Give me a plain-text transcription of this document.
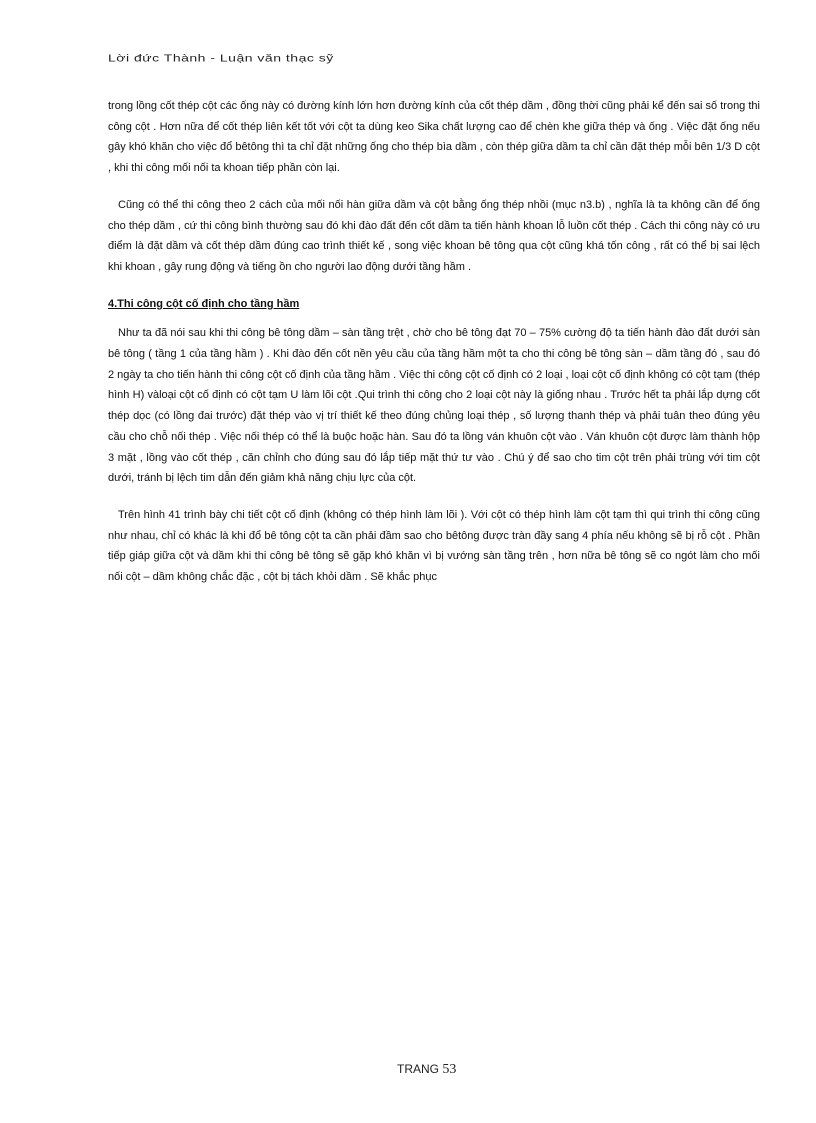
Lời đức Thành - Luận văn thạc sỹ

trong lồng cốt thép cột các ống này có đường kính lớn hơn đường kính của cốt thép dầm , đồng thời cũng phải kể đến sai số trong thi công cột . Hơn nữa để cốt thép liên kết tốt với cột ta dùng keo Sika chất lượng cao để chèn khe giữa thép và ống . Việc đặt ống nếu gây khó khăn cho việc đổ bêtông thì ta chỉ đặt những ống cho thép bìa dầm , còn thép giữa dầm ta chỉ cần đặt thép mỗi bên 1/3 D cột , khi thi công mối nối ta khoan tiếp phần còn lại.

Cũng có thể thi công theo 2 cách của mối nối hàn giữa dầm và cột bằng ống thép nhồi (mục n3.b) , nghĩa là ta không cần để ống cho thép dầm , cứ thi công bình thường sau đó khi đào đất đến cốt dầm ta tiến hành khoan lỗ luồn cốt thép . Cách thi công này có ưu điểm là đặt dầm và cốt thép dầm đúng cao trình thiết kế , song việc khoan bê tông qua cột cũng khá tốn công , rất có thể bị sai lệch khi khoan , gây rung động và tiếng ồn cho người lao động dưới tầng hầm .

4.Thi công cột cố định cho tầng hầm

Như ta đã nói sau khi thi công bê tông dầm – sàn tầng trệt , chờ cho bê tông đạt 70 – 75% cường độ ta tiến hành đào đất dưới sàn bê tông ( tầng 1 của tầng hầm ) . Khi đào đến cốt nền yêu cầu của tầng hầm một ta cho thi công bê tông sàn – dầm tầng đó , sau đó 2 ngày ta cho tiến hành thi công cột cố định của tầng hầm . Việc thi công cột cố định có 2 loại , loại cột cố định không có cột tạm (thép hình H) vàloại cột cố định có cột tạm U làm lõi cột .Qui trình thi công cho 2 loại cột này là giống nhau . Trước hết ta phải lắp dựng cốt thép dọc (có lồng đai trước) đặt thép vào vị trí thiết kế theo đúng chủng loại thép , số lượng thanh thép và phải tuân theo đúng yêu cầu cho chỗ nối thép . Việc nối thép có thể là buộc hoặc hàn. Sau đó ta lồng ván khuôn cột vào . Ván khuôn cột được làm thành hộp 3 mặt , lồng vào cốt thép , căn chỉnh cho đúng sau đó lắp tiếp mặt thứ tư vào . Chú ý để sao cho tim cột trên phải trùng với tim cột dưới, tránh bị lệch tim dẫn đến giảm khả năng chịu lực của cột.

Trên hình 41 trình bày chi tiết cột cố định (không có thép hình làm lõi ). Với cột có thép hình làm cột tạm thì qui trình thi công cũng như nhau, chỉ có khác là khi đổ bê tông cột ta cần phải đầm sao cho bêtông được tràn đầy sang 4 phía nếu không sẽ bị rỗ cột . Phần tiếp giáp giữa cột và dầm khi thi công bê tông sẽ gặp khó khăn vì bị vướng sàn tầng trên , hơn nữa bê tông sẽ co ngót làm cho mối nối cột – dầm không chắc đặc , cột bị tách khỏi dầm . Sẽ khắc phục

TRANG 53
